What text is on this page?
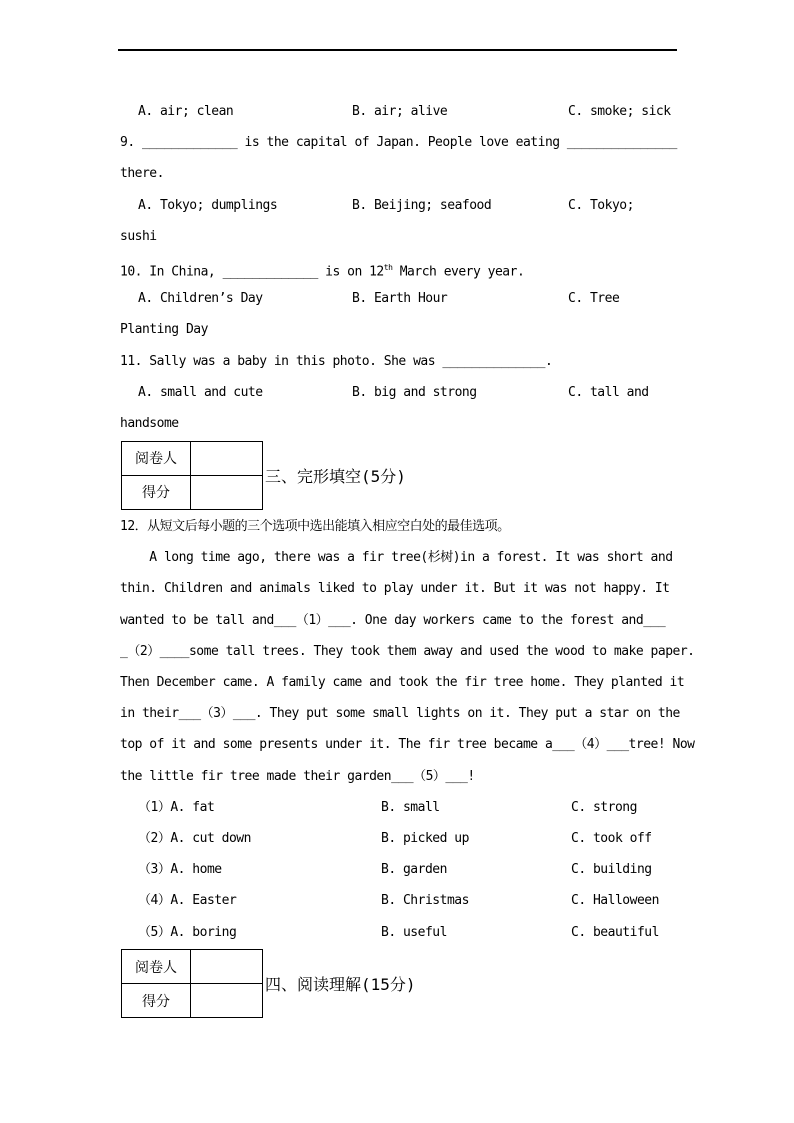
A. air; clean

	B. air; alive

	C. smoke; sick

9. _____________ is the capital of Japan. People love eating _______________
there.

A. Tokyo; dumplings

	B. Beijing; seafood

	C. Tokyo;

sushi
10. In China, _____________ is on 12th March every year.

A. Children’s Day

	B. Earth Hour

	C. Tree

Planting Day
11. Sally was a baby in this photo. She was ______________.

A. small and cute

	B. big and strong

	C. tall and

handsome
阅卷人	
得分	
三、完形填空(5分)
12．从短文后每小题的三个选项中选出能填入相应空白处的最佳选项。
A long time ago, there was a fir tree(杉树)in a forest. It was short and
thin. Children and animals liked to play under it. But it was not happy. It
wanted to be tall and___（1）___. One day workers came to the forest and___
_（2）____some tall trees. They took them away and used the wood to make paper.
Then December came. A family came and took the fir tree home. They planted it
in their___（3）___. They put some small lights on it. They put a star on the
top of it and some presents under it. The fir tree became a___（4）___tree! Now
the little fir tree made their garden___（5）___!

（1）A. fat

	B. small

	C. strong

（2）A. cut down

	B. picked up

	C. took off

（3）A. home

	B. garden

	C. building

（4）A. Easter

	B. Christmas

	C. Halloween

（5）A. boring

	B. useful

	C. beautiful

阅卷人	
得分	
四、阅读理解(15分)
